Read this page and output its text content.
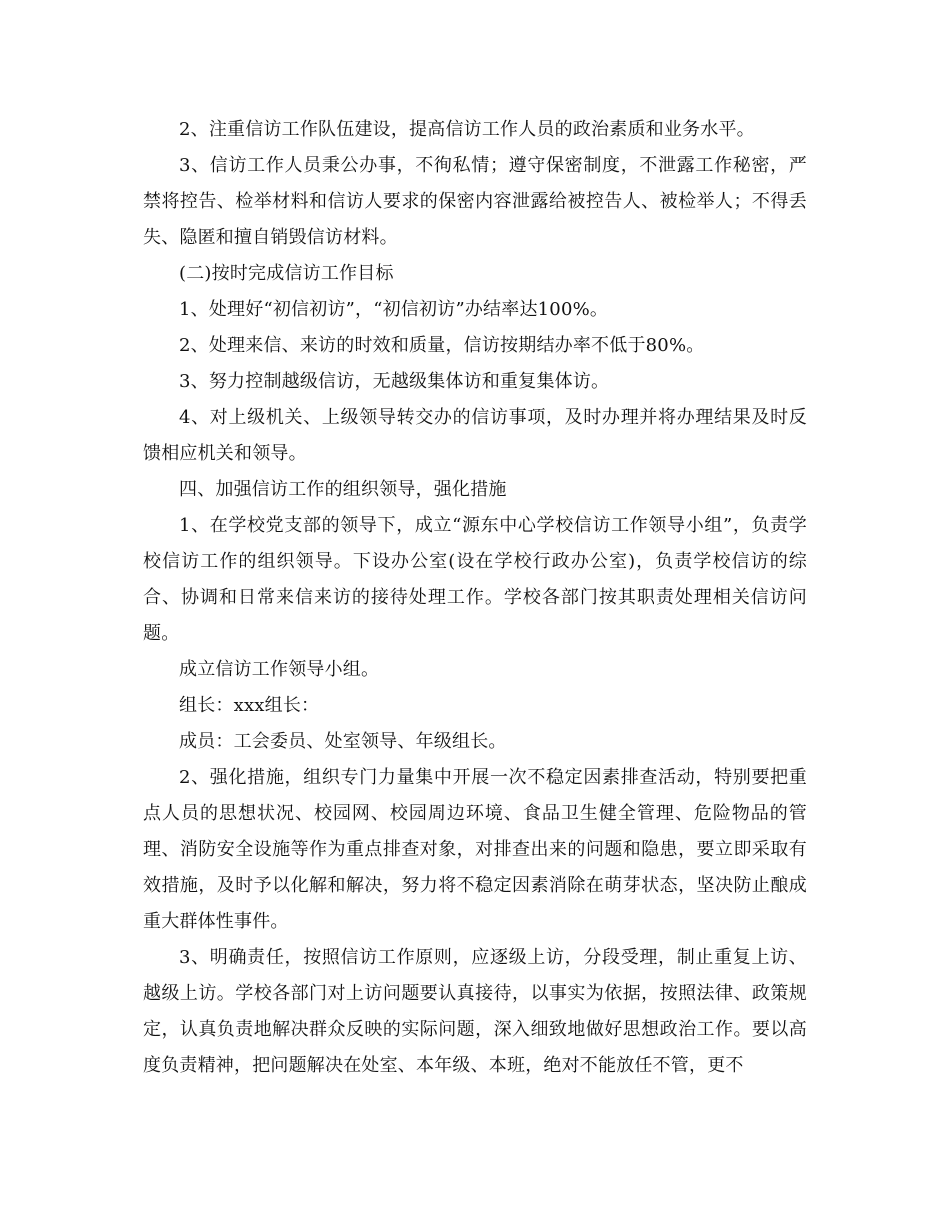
2、注重信访工作队伍建设，提高信访工作人员的政治素质和业务水平。

3、信访工作人员秉公办事，不徇私情；遵守保密制度，不泄露工作秘密，严禁将控告、检举材料和信访人要求的保密内容泄露给被控告人、被检举人；不得丢失、隐匿和擅自销毁信访材料。

(二)按时完成信访工作目标

1、处理好“初信初访”，“初信初访”办结率达100%。

2、处理来信、来访的时效和质量，信访按期结办率不低于80%。

3、努力控制越级信访，无越级集体访和重复集体访。

4、对上级机关、上级领导转交办的信访事项，及时办理并将办理结果及时反馈相应机关和领导。

四、加强信访工作的组织领导，强化措施

1、在学校党支部的领导下，成立“源东中心学校信访工作领导小组”，负责学校信访工作的组织领导。下设办公室(设在学校行政办公室)，负责学校信访的综合、协调和日常来信来访的接待处理工作。学校各部门按其职责处理相关信访问题。

成立信访工作领导小组。

组长：xxx组长：

成员：工会委员、处室领导、年级组长。

2、强化措施，组织专门力量集中开展一次不稳定因素排查活动，特别要把重点人员的思想状况、校园网、校园周边环境、食品卫生健全管理、危险物品的管理、消防安全设施等作为重点排查对象，对排查出来的问题和隐患，要立即采取有效措施，及时予以化解和解决，努力将不稳定因素消除在萌芽状态，坚决防止酿成重大群体性事件。

3、明确责任，按照信访工作原则，应逐级上访，分段受理，制止重复上访、越级上访。学校各部门对上访问题要认真接待，以事实为依据，按照法律、政策规定，认真负责地解决群众反映的实际问题，深入细致地做好思想政治工作。要以高度负责精神，把问题解决在处室、本年级、本班，绝对不能放任不管，更不
